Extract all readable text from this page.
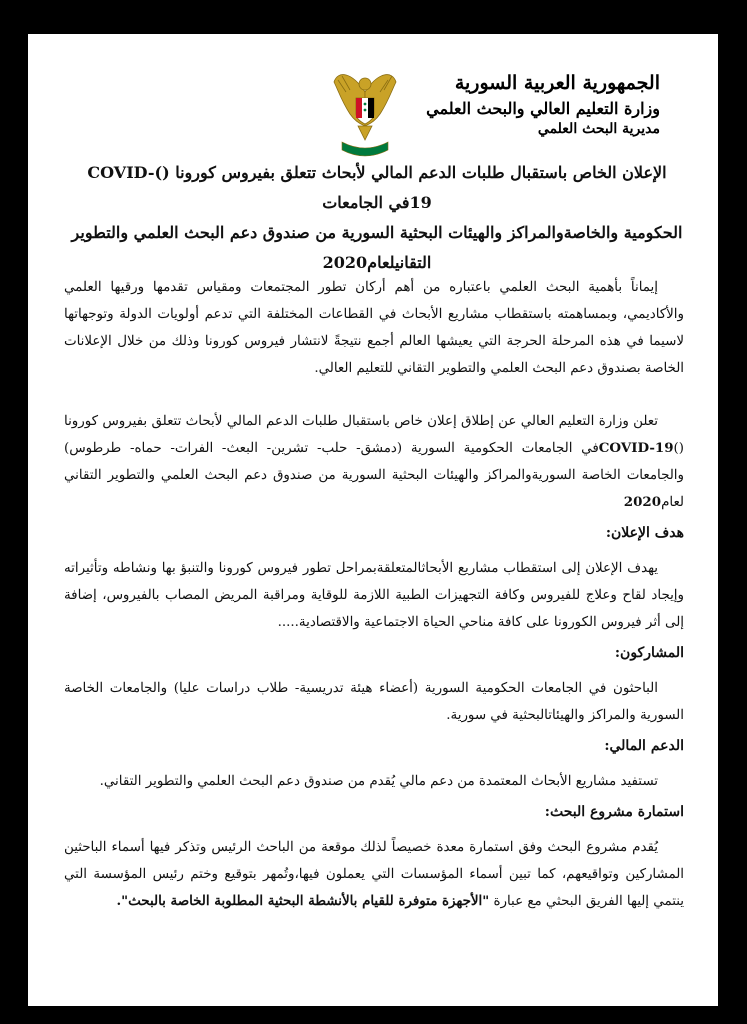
الجمهورية العربية السورية
وزارة التعليم العالي والبحث العلمي
مديرية البحث العلمي
الإعلان الخاص باستقبال طلبات الدعم المالي لأبحاث تتعلق بفيروس كورونا ()COVID- 19في الجامعات
الحكومية والخاصةوالمراكز والهيئات البحثية السورية من صندوق دعم البحث العلمي والتطوير
التقانيلعام2020

إيماناً بأهمية البحث العلمي باعتباره من أهم أركان تطور المجتمعات ومقياس تقدمها ورقيها العلمي والأكاديمي، وبمساهمته باستقطاب مشاريع الأبحاث في القطاعات المختلفة التي تدعم أولويات الدولة وتوجهاتها لاسيما في هذه المرحلة الحرجة التي يعيشها العالم أجمع نتيجةً لانتشار فيروس كورونا وذلك من خلال الإعلانات الخاصة بصندوق دعم البحث العلمي والتطوير التقاني للتعليم العالي.

تعلن وزارة التعليم العالي عن إطلاق إعلان خاص باستقبال طلبات الدعم المالي لأبحاث تتعلق بفيروس كورونا ()COVID-19في الجامعات الحكومية السورية (دمشق- حلب- تشرين- البعث- الفرات- حماه- طرطوس) والجامعات الخاصة السوريةوالمراكز والهيئات البحثية السورية من صندوق دعم البحث العلمي والتطوير التقاني لعام2020

هدف الإعلان:

يهدف الإعلان إلى استقطاب مشاريع الأبحاثالمتعلقةبمراحل تطور فيروس كورونا والتنبؤ بها ونشاطه وتأثيراته وإيجاد لقاح وعلاج للفيروس وكافة التجهيزات الطبية اللازمة للوقاية ومراقبة المريض المصاب بالفيروس، إضافة إلى أثر فيروس الكورونا على كافة مناحي الحياة الاجتماعية والاقتصادية.....

المشاركون:

الباحثون في الجامعات الحكومية السورية (أعضاء هيئة تدريسية- طلاب دراسات عليا) والجامعات الخاصة السورية والمراكز والهيئاتالبحثية في سورية.

الدعم المالي:

تستفيد مشاريع الأبحاث المعتمدة من دعم مالي يُقدم من صندوق دعم البحث العلمي والتطوير التقاني.

استمارة مشروع البحث:

يُقدم مشروع البحث وفق استمارة معدة خصيصاً لذلك موقعة من الباحث الرئيس وتذكر فيها أسماء الباحثين المشاركين وتواقيعهم، كما تبين أسماء المؤسسات التي يعملون فيها،وتُمهر بتوقيع وختم رئيس المؤسسة التي ينتمي إليها الفريق البحثي مع عبارة "الأجهزة متوفرة للقيام بالأنشطة البحثية المطلوبة الخاصة بالبحث".
